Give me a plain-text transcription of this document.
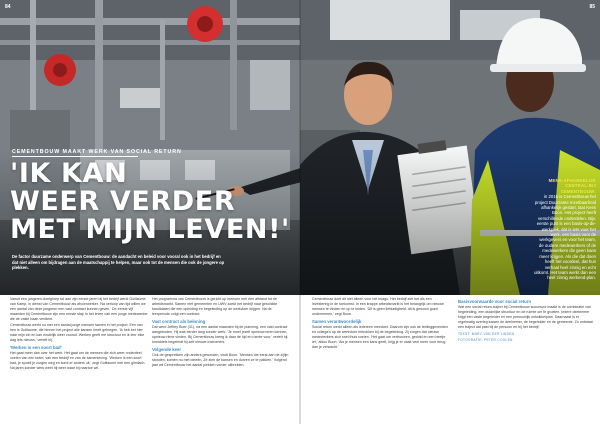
84	85
CEMENTBOUW MAAKT WERK VAN SOCIAL RETURN
'IK KAN
WEER VERDER
MET MIJN LEVEN!'

De factor duurzame onderwerp van Cementbouw: de aandacht en beleid voor vooral ook in het bedrijf en dat niet alleen om bijdragen aan de maatschappij te helpen, maar ook tot de mensen die ook de jongere op plekken.

MENS-AFHANKELIJK CENTRAL-BIJ CEMENTBOUW:
in 2016 is Cementbouw het project Duurzame Inzetbaarheid afhankelijk gestart, laat Kees Boon. Het project heeft verschillende onderdelen. Bijv. eerste punt is een basis-op-de-werkplek, dat is iets voor het werk, een basis voor de werkgevers en voor het team, de oudere medewerkers of de medewerkers die geen kans meer krijgen. Als die dat doen heeft het voordeel, dat hun verhaal heel zinnig en echt uitkomt. Het team werkt dan een heel zinnig werkend-plan.

Vanuit een jongeren-doelgroep tot aan zijn eerste jaren bij het bedrijf werkt Guillaume van Kamp, in dienst van Cementbouw als afvoerwerker. 'Na verloop van tijd willen we een aantal van deze jongeren een vast contract kunnen geven.' De eerste vijf maanden bij Cementbouw zijn een eerste stap in het leven van een jonge medewerker die de vaste baan verdient.

Cementbouw werkt nu met een aantal jonge mensen samen in het project. Een van hen is Guillaume, die binnen het project alle kansen heeft gekregen. 'Ik heb het hier naar mijn zin en kan eindelijk weer vooruit. Werken geeft me structuur en ik leer elke dag iets nieuws,' vertelt hij.

'Werken is een soort bad'

Het gaat meer dan over het werk. Het gaat om de mensen die zich weer onderdeel voelen van een team, van een bedrijf en van de samenleving. 'Werken is een soort bad, je spoelt je zorgen weg en komt er anders uit,' zegt Guillaume met een glimlach. Na jaren zonder werk weet hij weer waar hij naartoe wil.

Het programma van Cementbouw is gericht op mensen met een afstand tot de arbeidsmarkt. Samen met gemeenten en UWV zoekt het bedrijf naar geschikte kandidaten die een opleiding en begeleiding op de werkvloer krijgen. Na de leerperiode volgt een contract.

Vast contract als beloning

Dat werd Jeffrey Boer (31), na een aantal maanden bij de planning, een vast contract aangeboden. Hij was eerder lang zonder werk. 'Je moet jezelf opnieuw leren kennen, opnieuw ritme vinden. Bij Cementbouw kreeg ik daar de tijd en ruimte voor,' vertelt hij. Inmiddels begeleidt hij zelf nieuwe instromers.

Volgende keer

Ook de gesprekken zijn anders geworden, vindt Boon. 'Mensen die eerst aan de zijlijn stonden, komen nu met ideeën. Ze zien de kansen en durven ze te pakken.' Volgend jaar wil Cementbouw het aantal plekken verder uitbreiden.

Cementbouw doet dit niet alleen voor het imago. Het bedrijf ziet het als een investering in de toekomst. In een krappe arbeidsmarkt is het belangrijk om nieuwe mensen te vinden en op te leiden. 'Dit is geen liefdadigheid, dit is gewoon goed ondernemen,' zegt Boon.

Samen verantwoordelijk

Social return werkt alleen als iedereen meedoet. Daarom zijn ook de leidinggevenden en collega's op de werkvloer betrokken bij de begeleiding. Zij zorgen dat nieuwe medewerkers zich snel thuis voelen. 'Het gaat om vertrouwen, geduld en een beetje lef,' aldus Boon. 'Als je mensen een kans geeft, krijg je er vaak veel meer voor terug dan je verwacht.'

Basisvoorwaarde voor social return

Wat een social return-traject bij Cementbouw succesvol maakt is de combinatie van begeleiding, een duidelijke structuur en de ruimte om te groeien. Iedere deelnemer krijgt een vaste begeleider en een persoonlijk ontwikkelplan. Daarnaast is er regelmatig overleg tussen de deelnemer, de begeleider en de gemeente. Zo ontstaat een traject dat past bij de persoon en bij het bedrijf.

TEKST: MARC VAN DER LINDEN
FOTOGRAFIE: PETER COOLEN
